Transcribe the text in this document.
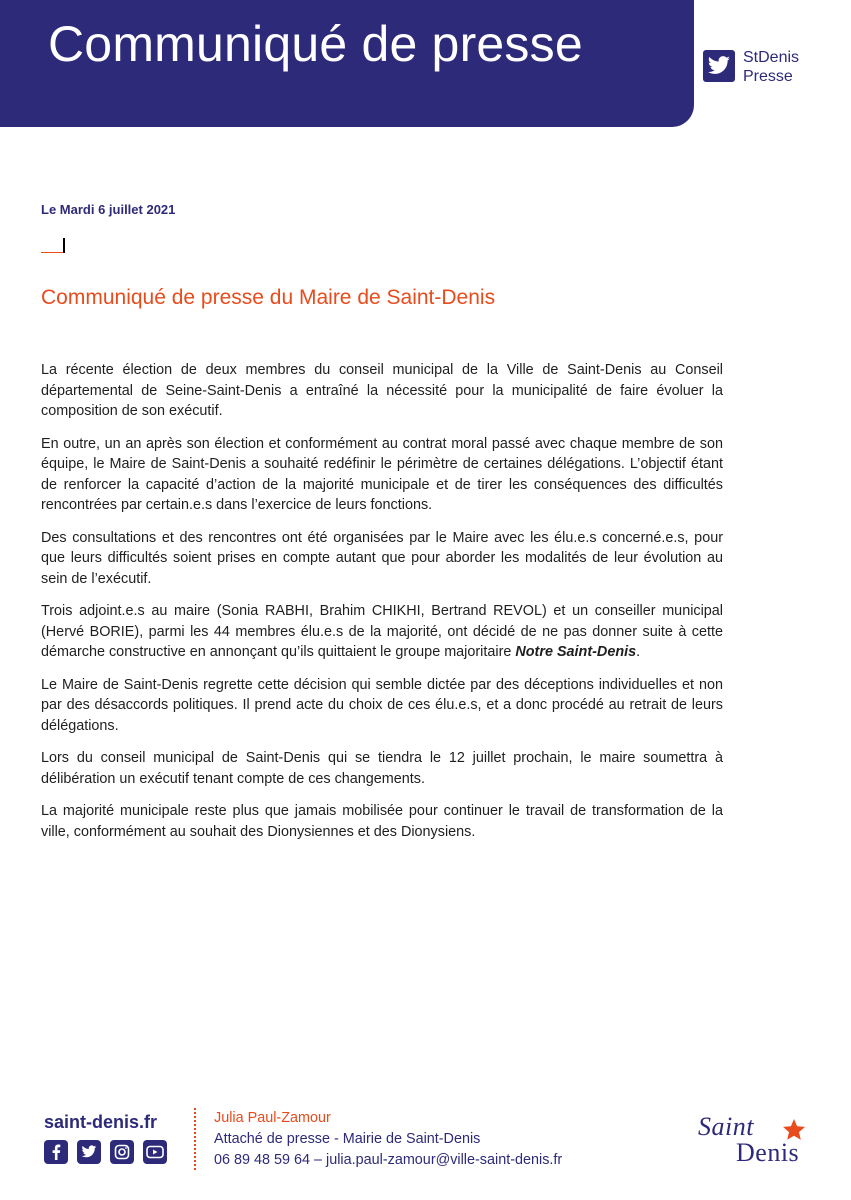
Communiqué de presse	StDenis
Presse
Le Mardi 6 juillet 2021
Communiqué de presse du Maire de Saint-Denis

La récente élection de deux membres du conseil municipal de la Ville de Saint-Denis au Conseil départemental de Seine-Saint-Denis a entraîné la nécessité pour la municipalité de faire évoluer la composition de son exécutif.

En outre, un an après son élection et conformément au contrat moral passé avec chaque membre de son équipe, le Maire de Saint-Denis a souhaité redéfinir le périmètre de certaines délégations. L’objectif étant de renforcer la capacité d’action de la majorité municipale et de tirer les conséquences des difficultés rencontrées par certain.e.s dans l’exercice de leurs fonctions.

Des consultations et des rencontres ont été organisées par le Maire avec les élu.e.s concerné.e.s, pour que leurs difficultés soient prises en compte autant que pour aborder les modalités de leur évolution au sein de l’exécutif.

Trois adjoint.e.s au maire (Sonia RABHI, Brahim CHIKHI, Bertrand REVOL) et un conseiller municipal (Hervé BORIE), parmi les 44 membres élu.e.s de la majorité, ont décidé de ne pas donner suite à cette démarche constructive en annonçant qu’ils quittaient le groupe majoritaire Notre Saint-Denis.

Le Maire de Saint-Denis regrette cette décision qui semble dictée par des déceptions individuelles et non par des désaccords politiques. Il prend acte du choix de ces élu.e.s, et a donc procédé au retrait de leurs délégations.

Lors du conseil municipal de Saint-Denis qui se tiendra le 12 juillet prochain, le maire soumettra à délibération un exécutif tenant compte de ces changements.

La majorité municipale reste plus que jamais mobilisée pour continuer le travail de transformation de la ville, conformément au souhait des Dionysiennes et des Dionysiens.

saint-denis.fr	Julia Paul-Zamour
Attaché de presse - Mairie de Saint-Denis
06 89 48 59 64 – julia.paul-zamour@ville-saint-denis.fr
Saint
Denis
